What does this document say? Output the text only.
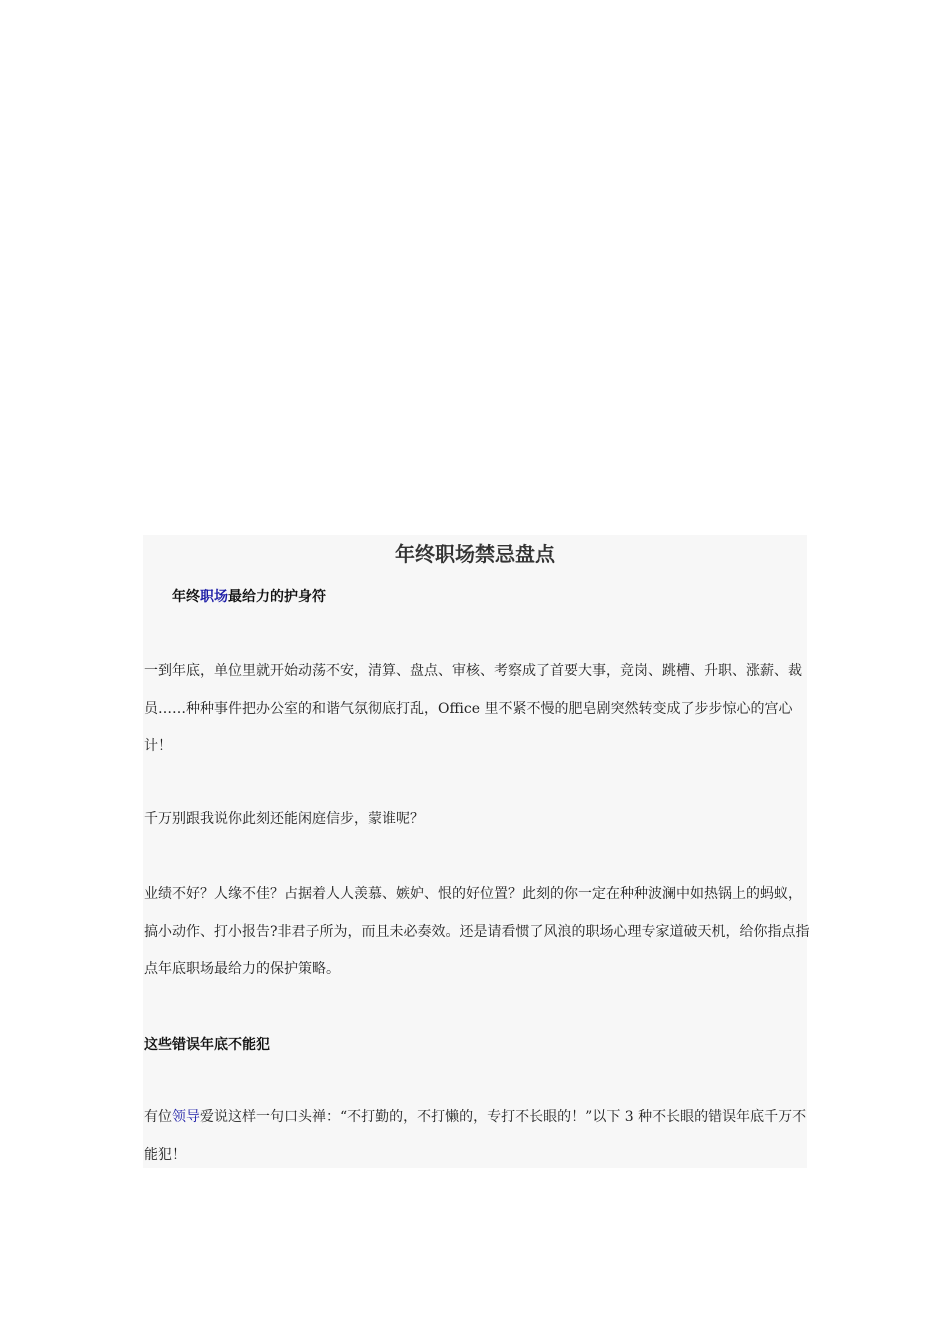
年终职场禁忌盘点
年终职场最给力的护身符
一到年底，单位里就开始动荡不安，清算、盘点、审核、考察成了首要大事，竞岗、跳槽、升职、涨薪、裁员……种种事件把办公室的和谐气氛彻底打乱，Office 里不紧不慢的肥皂剧突然转变成了步步惊心的宫心计！
千万别跟我说你此刻还能闲庭信步，蒙谁呢？
业绩不好？人缘不佳？占据着人人羡慕、嫉妒、恨的好位置？此刻的你一定在种种波澜中如热锅上的蚂蚁，搞小动作、打小报告?非君子所为，而且未必奏效。还是请看惯了风浪的职场心理专家道破天机，给你指点指点年底职场最给力的保护策略。
这些错误年底不能犯
有位领导爱说这样一句口头禅：“不打勤的，不打懒的，专打不长眼的！”以下 3 种不长眼的错误年底千万不能犯！
